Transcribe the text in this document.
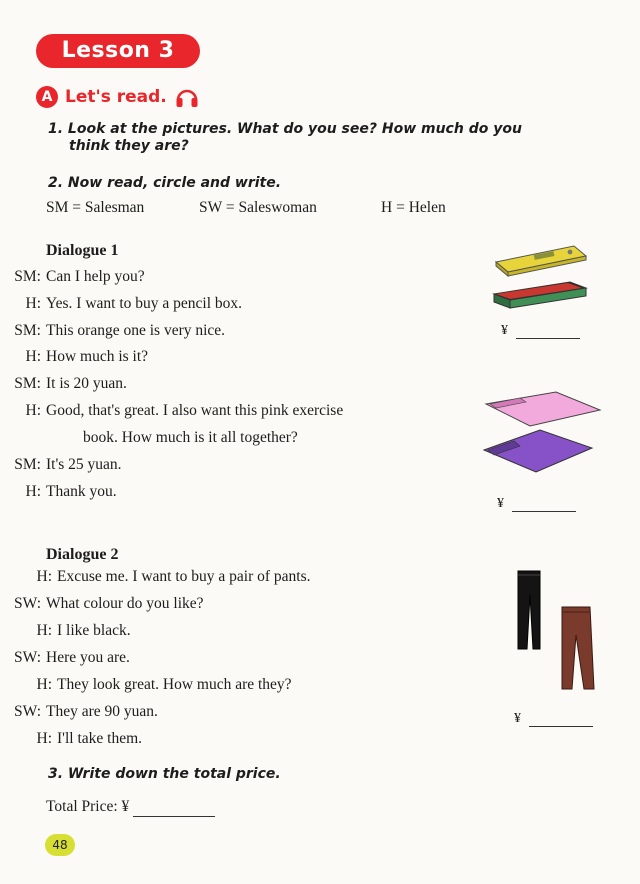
Lesson 3
A Let's read.
1. Look at the pictures. What do you see? How much do you
think they are?
2. Now read, circle and write.
SM = Salesman	SW = Saleswoman	H = Helen
Dialogue 1
SM: Can I help you?
H: Yes. I want to buy a pencil box.
SM: This orange one is very nice.
H: How much is it?
SM: It is 20 yuan.
H: Good, that's great. I also want this pink exercise
book. How much is it all together?
SM: It's 25 yuan.
H: Thank you.
Dialogue 2
H: Excuse me. I want to buy a pair of pants.
SW: What colour do you like?
H: I like black.
SW: Here you are.
H: They look great. How much are they?
SW: They are 90 yuan.
H: I'll take them.
3. Write down the total price.
Total Price: ¥
¥
¥
¥
48
